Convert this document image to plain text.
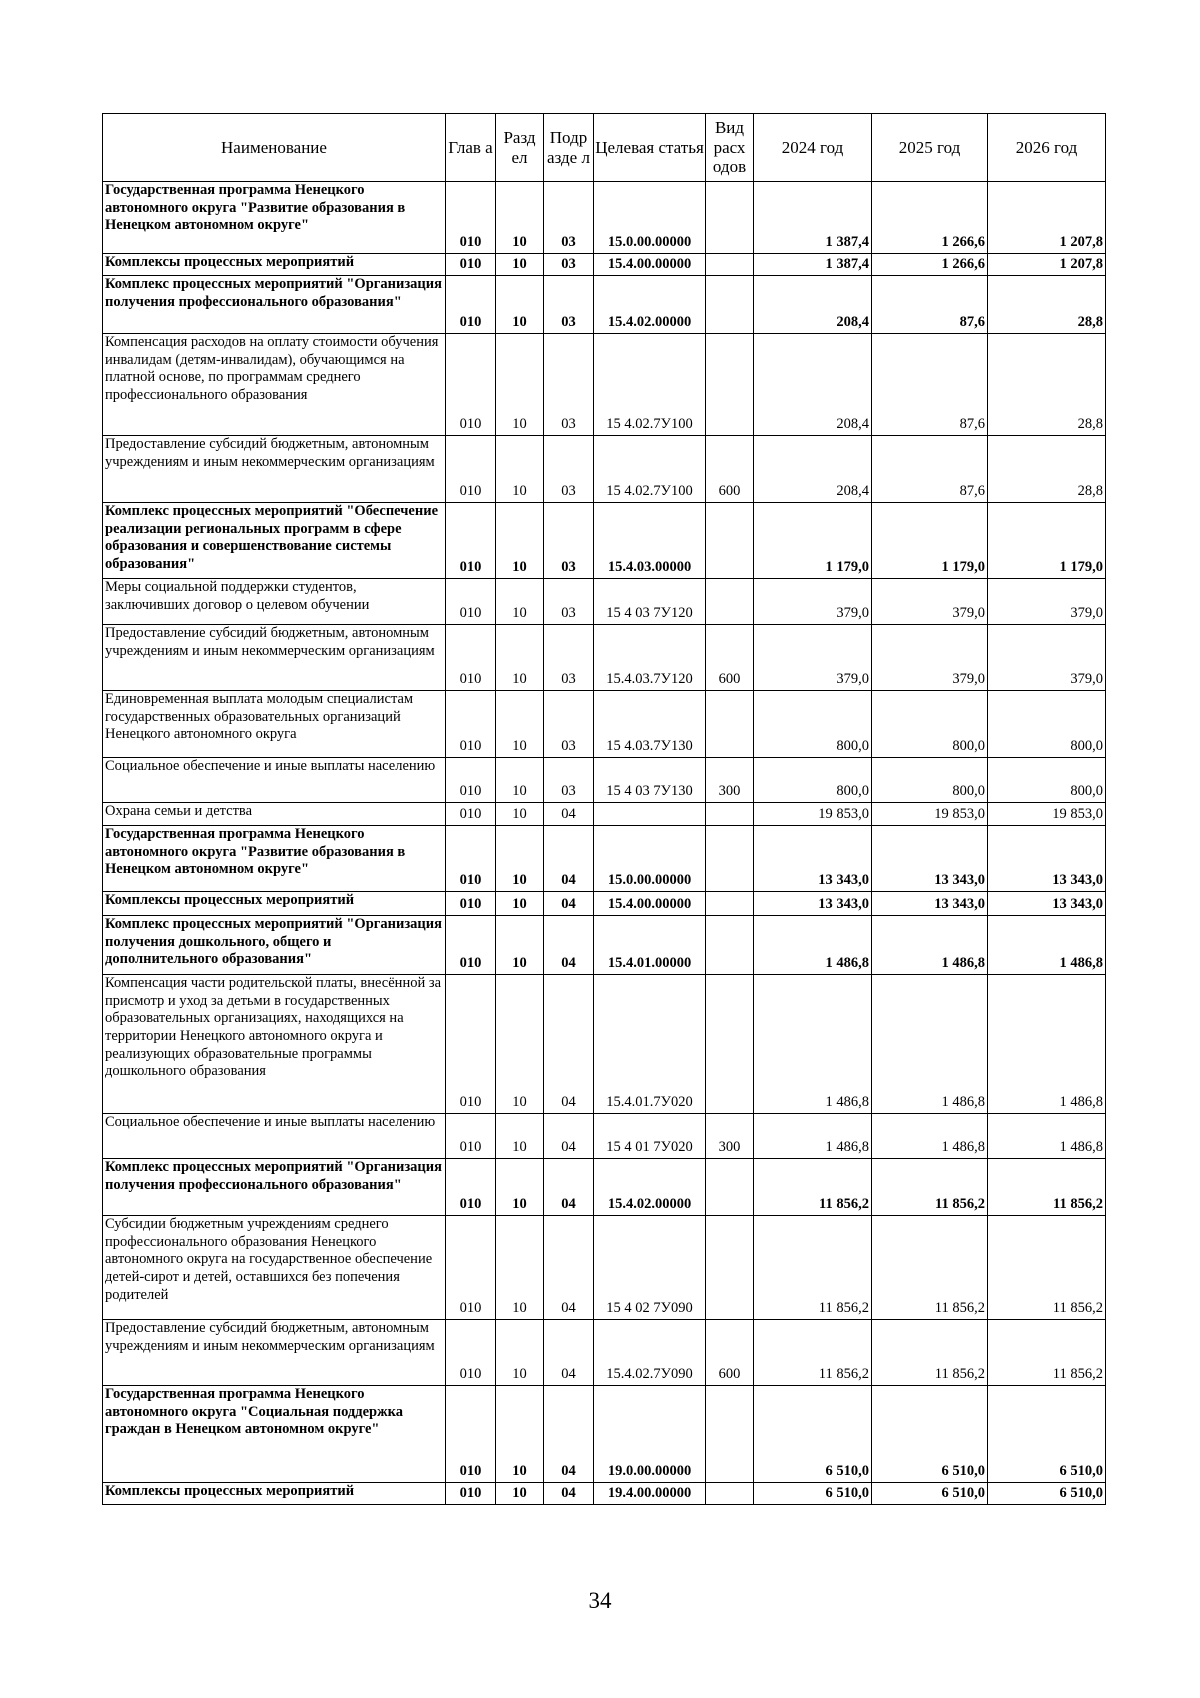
Наименование	Глав а	Разд ел	Подр азде л	Целевая статья	Вид расх одов	2024 год	2025 год	2026 год
Государственная программа Ненецкого автономного округа "Развитие образования в Ненецком автономном округе"	010	10	03	15.0.00.00000		1 387,4	1 266,6	1 207,8
Комплексы процессных мероприятий	010	10	03	15.4.00.00000		1 387,4	1 266,6	1 207,8
Комплекс процессных мероприятий "Организация получения профессионального образования"	010	10	03	15.4.02.00000		208,4	87,6	28,8
Компенсация расходов на оплату стоимости обучения инвалидам (детям-инвалидам), обучающимся на платной основе, по программам среднего профессионального образования	010	10	03	15 4.02.7У100		208,4	87,6	28,8
Предоставление субсидий бюджетным, автономным учреждениям и иным некоммерческим организациям	010	10	03	15 4.02.7У100	600	208,4	87,6	28,8
Комплекс процессных мероприятий "Обеспечение реализации региональных программ в сфере образования и совершенствование системы образования"	010	10	03	15.4.03.00000		1 179,0	1 179,0	1 179,0
Меры социальной поддержки студентов, заключивших договор о целевом обучении	010	10	03	15 4 03 7У120		379,0	379,0	379,0
Предоставление субсидий бюджетным, автономным учреждениям и иным некоммерческим организациям	010	10	03	15.4.03.7У120	600	379,0	379,0	379,0
Единовременная выплата молодым специалистам государственных образовательных организаций Ненецкого автономного округа	010	10	03	15 4.03.7У130		800,0	800,0	800,0
Социальное обеспечение и иные выплаты населению	010	10	03	15 4 03 7У130	300	800,0	800,0	800,0
Охрана семьи и детства	010	10	04			19 853,0	19 853,0	19 853,0
Государственная программа Ненецкого автономного округа "Развитие образования в Ненецком автономном округе"	010	10	04	15.0.00.00000		13 343,0	13 343,0	13 343,0
Комплексы процессных мероприятий	010	10	04	15.4.00.00000		13 343,0	13 343,0	13 343,0
Комплекс процессных мероприятий "Организация получения дошкольного, общего и дополнительного образования"	010	10	04	15.4.01.00000		1 486,8	1 486,8	1 486,8
Компенсация части родительской платы, внесённой за присмотр и уход за детьми в государственных образовательных организациях, находящихся на территории Ненецкого автономного округа и реализующих образовательные программы дошкольного образования	010	10	04	15.4.01.7У020		1 486,8	1 486,8	1 486,8
Социальное обеспечение и иные выплаты населению	010	10	04	15 4 01 7У020	300	1 486,8	1 486,8	1 486,8
Комплекс процессных мероприятий "Организация получения профессионального образования"	010	10	04	15.4.02.00000		11 856,2	11 856,2	11 856,2
Субсидии бюджетным учреждениям среднего профессионального образования Ненецкого автономного округа на государственное обеспечение детей-сирот и детей, оставшихся без попечения родителей	010	10	04	15 4 02 7У090		11 856,2	11 856,2	11 856,2
Предоставление субсидий бюджетным, автономным учреждениям и иным некоммерческим организациям	010	10	04	15.4.02.7У090	600	11 856,2	11 856,2	11 856,2
Государственная программа Ненецкого автономного округа "Социальная поддержка граждан в Ненецком автономном округе"	010	10	04	19.0.00.00000		6 510,0	6 510,0	6 510,0
Комплексы процессных мероприятий	010	10	04	19.4.00.00000		6 510,0	6 510,0	6 510,0
34
